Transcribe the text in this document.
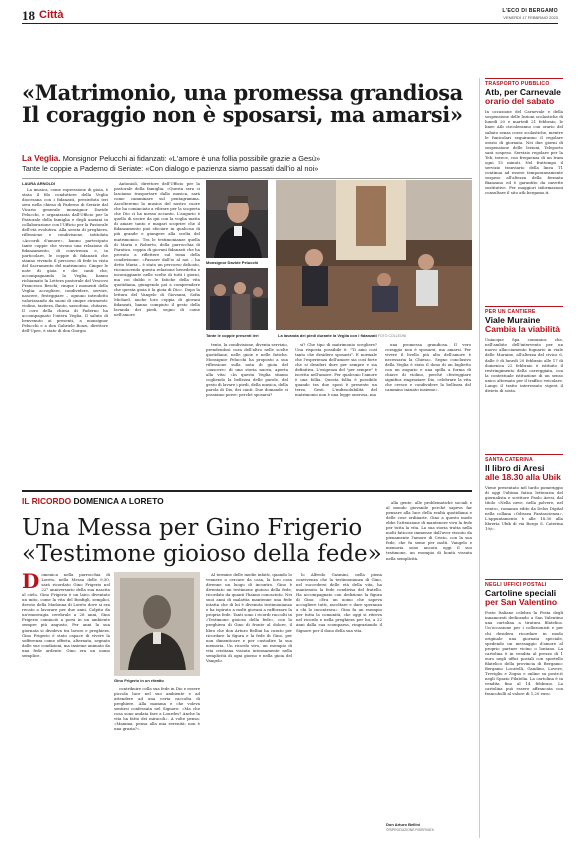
18 Città	L'ECO DI BERGAMO
VENERDÌ 17 FEBBRAIO 2023
«Matrimonio, una promessa grandiosa
Il coraggio non è sposarsi, ma amarsi»
La Veglia. Monsignor Pelucchi ai fidanzati: «L'amore è una follia possibile grazie a Gesù»
Tante le coppie a Paderno di Seriate: «Con dialogo e pazienza siamo passati dall'io al noi»
LAURA ARNOLDI

La musica, come espressione di gioia, è stata il filo conduttore della Veglia diocesana con i fidanzati, presieduta ieri sera nella chiesa di Paderno di Seriate dal Vicario generale monsignor Davide Pelucchi, e organizzata dall'Ufficio per la Pastorale della famiglia e degli anziani in collaborazione con l'Ufficio per la Pastorale dell'età evolutiva. Alla serata di preghiera, riflessione e condivisione, intitolata «Accordi d'amore», hanno partecipato tante coppie che vivono una relazione di fidanzamento, di convivenza e, in particolare, le coppie di fidanzati che stanno vivendo il percorso di fede in vista del Sacramento del matrimonio. Cinque le note di gioia e dei canti che, accompagnando la Veglia, hanno richiamato la Lettera pastorale del Vescovo Francesco Beschi; cinque i momenti della Veglia: accogliere, condividere, servire, nascere, festeggiare – ognuno introdotto valorizzando da suoni di cinque strumenti: violino, tastiera, flauto, sassofono, chitarra. Il coro della chiesa di Paderno ha accompagnato l'intera Veglia. Il saluto di benvenuto ai presenti, a monsignor Pelucchi e a don Gabriele Bonzi, direttore dell'Upee, è stato di don Giorgio

Antonioli, direttore dell'Ufficio per la pastorale della famiglia: «Questa sera ci lasciamo trasportare dalla musica, sarà come camminare sul pentagramma. Ascolteremo la musica del nostro cuore che ha cominciato a vibrare per la scoperta che Dio ci ha messo accanto. L'augurio è quello di uscire da qui con la voglia matta di amare tanto e magari scoprire che il fidanzamento può sfociare in qualcosa di più grande e giungere alla scelta del matrimonio». Tra le testimonianze quella di Maria e Roberto, della parrocchia di Paratico, coppia di giovani fidanzati che ha provato a riflettere sul tema della condivisione. «Passare dall'io al noi – ha detto Maria – è stato un percorso delicato, riconoscendo questa relazione benedetta e incoraggiante nelle scelte di tutti i giorni, ma coi dubbi e le fatiche della vita quotidiana, giungendo poi a comprendere che questa gioia è la gioia di Dio». Dopo la lettura del Vangelo di Giovanni, Sofia Michael, anche loro coppia di giovani fidanzati, hanno compiuto il gesto della lavanda dei piedi, segno di come nell'amore

Monsignor Davide Pelucchi
Tante le coppie presenti ieri	La lavanda dei piedi durante la Veglia con i fidanzati FOTO COLLEONI

tento, la condivisione, diventa servizio, prendendosi cura dell'altro nelle scelte quotidiane, nelle gioie e nelle fatiche. Monsignor Pelucchi ha proposto a sua riflessione sulla nota di gioia del «nascere» di una storia nuova, aperta alla vita: «In questa Veglia stiamo cogliendo la bellezza delle parole, del gesto di lavare i piedi, della musica, della parola di Dio, dei canti. Due domande ci possiamo porre: perché sposarsi?

si? Che tipo di matrimonio scegliere? Una risposta possibile è: "Ti amo così tanto che desidero sposarti". E normale che l'esperienza dell'amore sia così forte che si desideri dure per sempre e sia definitiva. L'esigenza del "per sempre" è iscritta nell'amore. Per qualcuno l'amore è una follia. Questa follia è possibile quando tra due sposi è presente un terzo, Gesù. L'indissolubilità del matrimonio non è una legge onerosa, ma

una promessa grandiosa. Il vero coraggio non è sposarsi, ma amarsi. Per vivere il livello più alto dell'amore è necessaria la Chiesa». Segno conclusivo della Veglia è stato il dono di un biglietto con un augurio e una spilla a forma di chiave di violino, perché «festeggiare significa ringraziare Dio, celebrare la vita che cresce e condividere la bellezza del cammino iniziato insieme».

TRASPORTO PUBBLICO
Atb, per Carnevale
orario del sabato

In occasione del Carnevale e della sospensione delle lezioni scolastiche di lunedì 20 e martedì 21 febbraio, le linee Atb circoleranno con orario del sabato senza corse scolastiche, mentre le funicolari seguiranno il regolare orario di giornata. Nei due giorni di sospensione delle lezioni, Teleporto sarà sospeso. Servizio regolare per la Teb, invece, con frequenza di un tram ogni 15 minuti. Nel frattempo il servizio tranviario della linea T1 continua ad essere temporaneamente sospeso all'altezza della fermata Bianzano ed è garantito da navette sostitutive. Per maggiori informazioni consultare il sito atb.bergamo.it.

PER UN CANTIERE
Viale Muraine
Cambia la viabilità

Uniacque Spa comunica che, nell'ambito dell'intervento per un nuovo allacciamento fognario in viale delle Muraine, all'altezza del civico 6, dalle 9 di lunedì 20 febbraio alle 17 di domenica 22 febbraio è istituito il restringimento della carreggiata, con la contestuale istituzione di un senso unico alternato per il traffico veicolare. Lungo il tratto interessato vigerà il divieto di sosta.

SANTA CATERINA
Il libro di Aresi
alle 18.30 alla Ubik

Viene presentato nel tardo pomeriggio di oggi l'ultima fatica letteraria del giornalista e scrittore Paolo Aresi, dal titolo «Nella neve, nella polvere, nel vento», romanzo edito da Delos Digital nella collana «Odissea Fantascienza». L'appuntamento è alle 18.30 alla libreria Ubik di via Borgo S. Caterina 19/c.

NEGLI UFFICI POSTALI
Cartoline speciali
per San Valentino

Poste Italiane celebra la Festa degli innamorati dedicando a San Valentino una cartolina a tiratura filatelica. Un'occasione per i collezionisti e per chi desidera ricordare in modo originale una giornata speciale, spedendo un messaggio d'amore al proprio partner vicino o lontano. La cartolina è in vendita al prezzo di 1 euro negli uffici postali con sportello filatelico della provincia di Bergamo: Bergamo Locatelli, Gandino, Lovere, Treviglio e Zogno e online su poste.it negli Spazio Filatelia. La cartolina è in vendita fino al 14 febbraio. La cartolina può essere affrancata con francobolli al valore di 1,20 euro.

IL RICORDO DOMENICA A LORETO
Una Messa per Gino Frigerio
«Testimone gioioso della fede»
D omenica nella parrocchia di Loreto, nella Messa delle 9,30, sarà ricordato Gino Frigerio nel 22° anniversario della sua nascita al cielo. Gino Frigerio è un laico diventato un mito, come la vita del Bonfigli, semplici, devoto della Madonna di Loreto dove si era recato a lavorare per due anni. Colpito da un'emorragia cerebrale a 28 anni, Gino Frigerio cominciò a porsi in un ambiente sempre più angusto. Per anni la sua giornata si divideva tra lavoro e preghiera. Gino Frigerio è stato capace di vivere la sofferenza come offerta, alternata, segnato dalle sue condizioni, ma insieme animato da una fede ardente. Gino era un uomo semplice.
Gino Frigerio in un ritratto

contribuire colla sua fede in Dio e essere piccola luce nel suo ambiente e ad attendere ad una certa raccolta di preghiere. Alla mamma e che voleva sentirsi confessata nel Signore: «Ma che cosa sono andata fare a Lourdes? Anche la vita ha fatto dei miracoli». A volte pensa: «Mamma, pensa alla mia serenità: non è una grazia?».

Al termine delle medie infatti, quando lo vennero a cercare da casa, la loro casa divenne un luogo di incontro. Gino è diventato un testimone gioioso della fede, ricordato da quanti l'hanno conosciuto. Nei suoi anni di malattia mantenne una fede intatta che di lui è divenuta testimonianza e ha ispirato a molti giovani a rafforzare la propria fede. Tanti sono i ricordi raccolti in «Testimone gioioso della fede», con la preghiera di Gino di fronte al dolore, il libro che don Arturo Bellini ha curato per ricordare la figura e la fede di Gino, per non dimenticare e per custodire la sua memoria. Un ricordo vivo, un esempio di vita cristiana vissuta intensamente nella semplicità di ogni giorno e nella gioia del Vangelo.

lo Alfredo Gasmini, nella piena convivenza che la testimonianza di Gino, nel succedersi delle età della vita, ha mantenuto la fede condivisa del fratello. Ha accompagnato con dedizione la figura di Gino: «Era un uomo che sapeva accogliere tutti, ascoltare e dare speranza a chi lo incontrava». Gino fu un esempio per tutta la comunità, che oggi si ritrova nel ricordo e nella preghiera per lui, a 22 anni dalla sua scomparsa, ringraziando il Signore per il dono della sua vita.

alla gente, alle problematiche sociali e al mondo giovanile perché sapeva far pensare alla luce della realtà quotidiana e delle cose ordinarie. Gino a questo modo ebbe l'attenzione di mantenere viva la fede per tutta la vita. La sua storia tratta nella molti faticose immense dall'aver vissuto da pienamente l'amore di Cristo, con la sua fede, che fu seme per molti. Vangelo e memoria sono ancora oggi il suo testimone, un esempio di bontà vissuta nella semplicità.

Don Arturo Bellini
©RIPRODUZIONE RISERVATA
